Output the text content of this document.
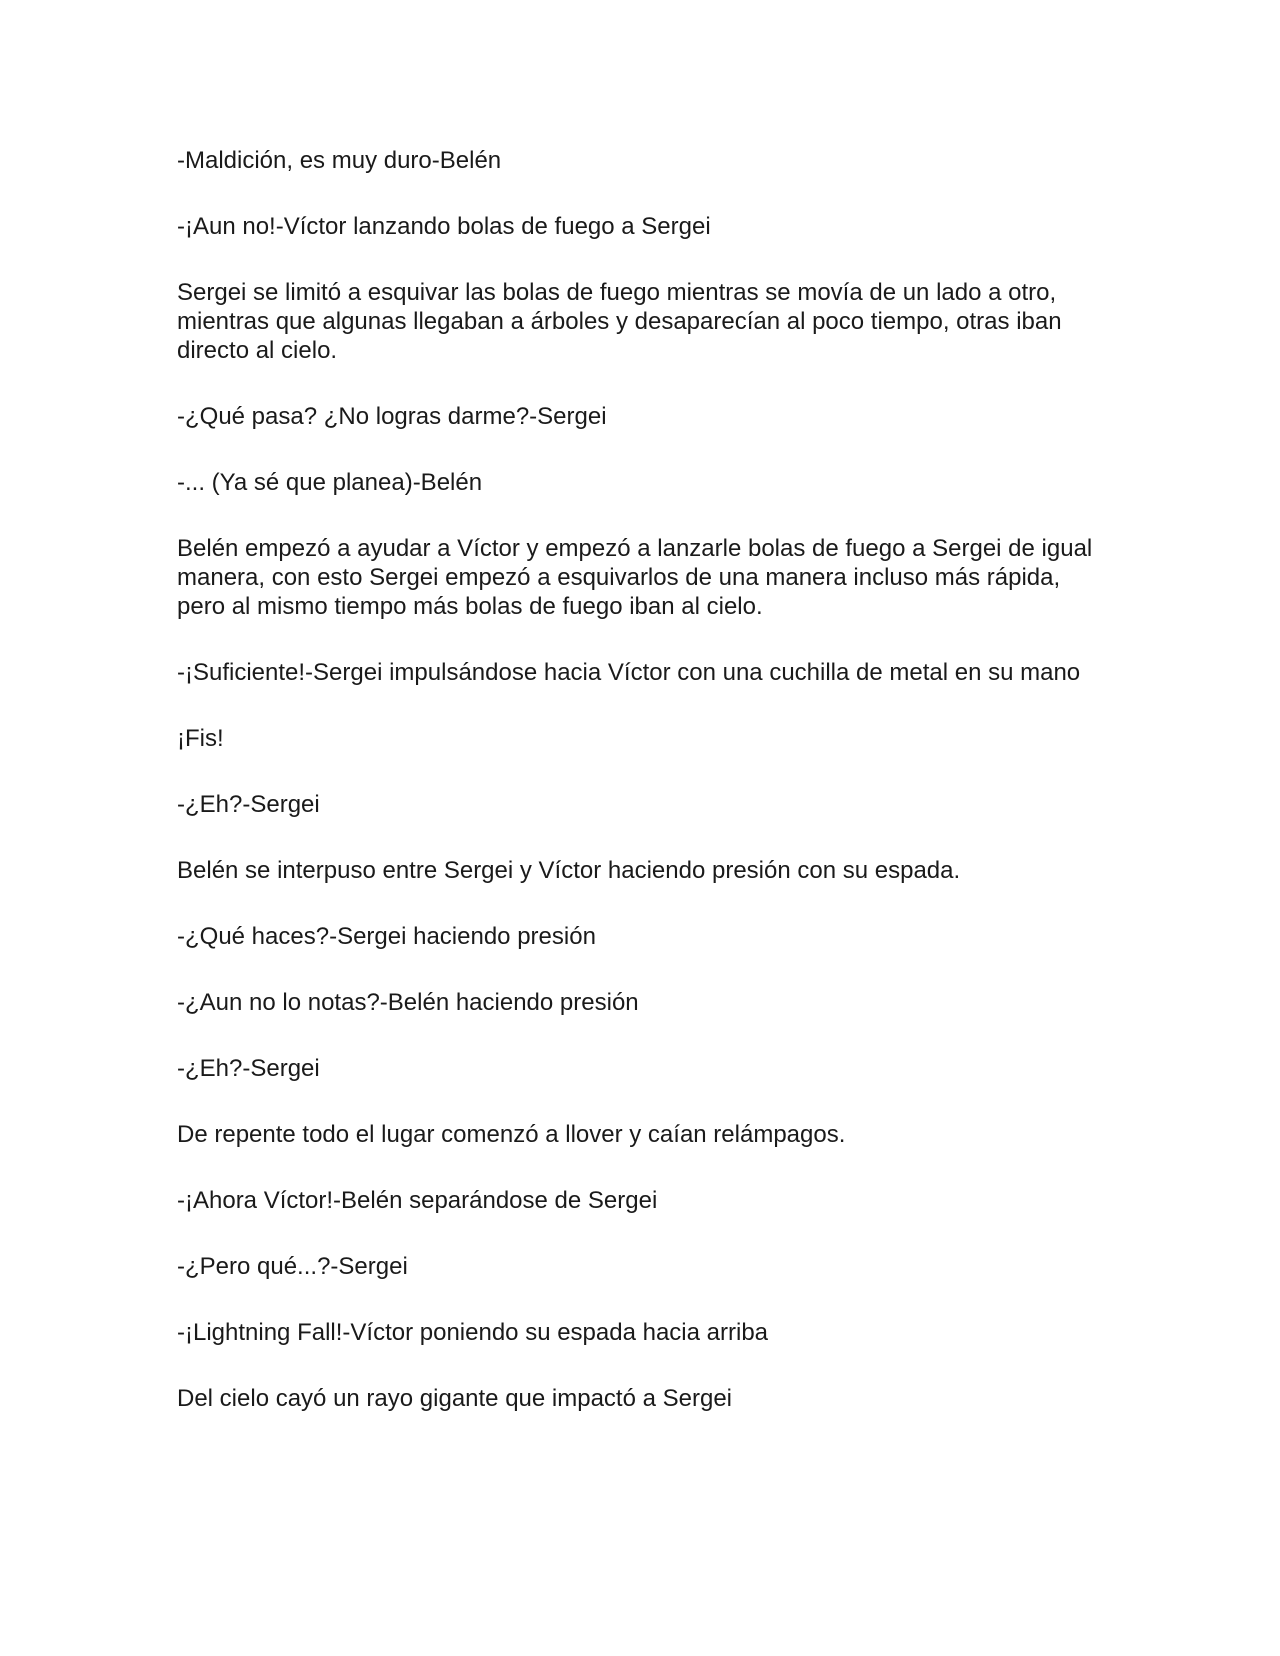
-Maldición, es muy duro-Belén

-¡Aun no!-Víctor lanzando bolas de fuego a Sergei

Sergei se limitó a esquivar las bolas de fuego mientras se movía de un lado a otro, mientras que algunas llegaban a árboles y desaparecían al poco tiempo, otras iban directo al cielo.

-¿Qué pasa? ¿No logras darme?-Sergei

-... (Ya sé que planea)-Belén

Belén empezó a ayudar a Víctor y empezó a lanzarle bolas de fuego a Sergei de igual manera, con esto Sergei empezó a esquivarlos de una manera incluso más rápida, pero al mismo tiempo más bolas de fuego iban al cielo.

-¡Suficiente!-Sergei impulsándose hacia Víctor con una cuchilla de metal en su mano

¡Fis!

-¿Eh?-Sergei

Belén se interpuso entre Sergei y Víctor haciendo presión con su espada.

-¿Qué haces?-Sergei haciendo presión

-¿Aun no lo notas?-Belén haciendo presión

-¿Eh?-Sergei

De repente todo el lugar comenzó a llover y caían relámpagos.

-¡Ahora Víctor!-Belén separándose de Sergei

-¿Pero qué...?-Sergei

-¡Lightning Fall!-Víctor poniendo su espada hacia arriba

Del cielo cayó un rayo gigante que impactó a Sergei
